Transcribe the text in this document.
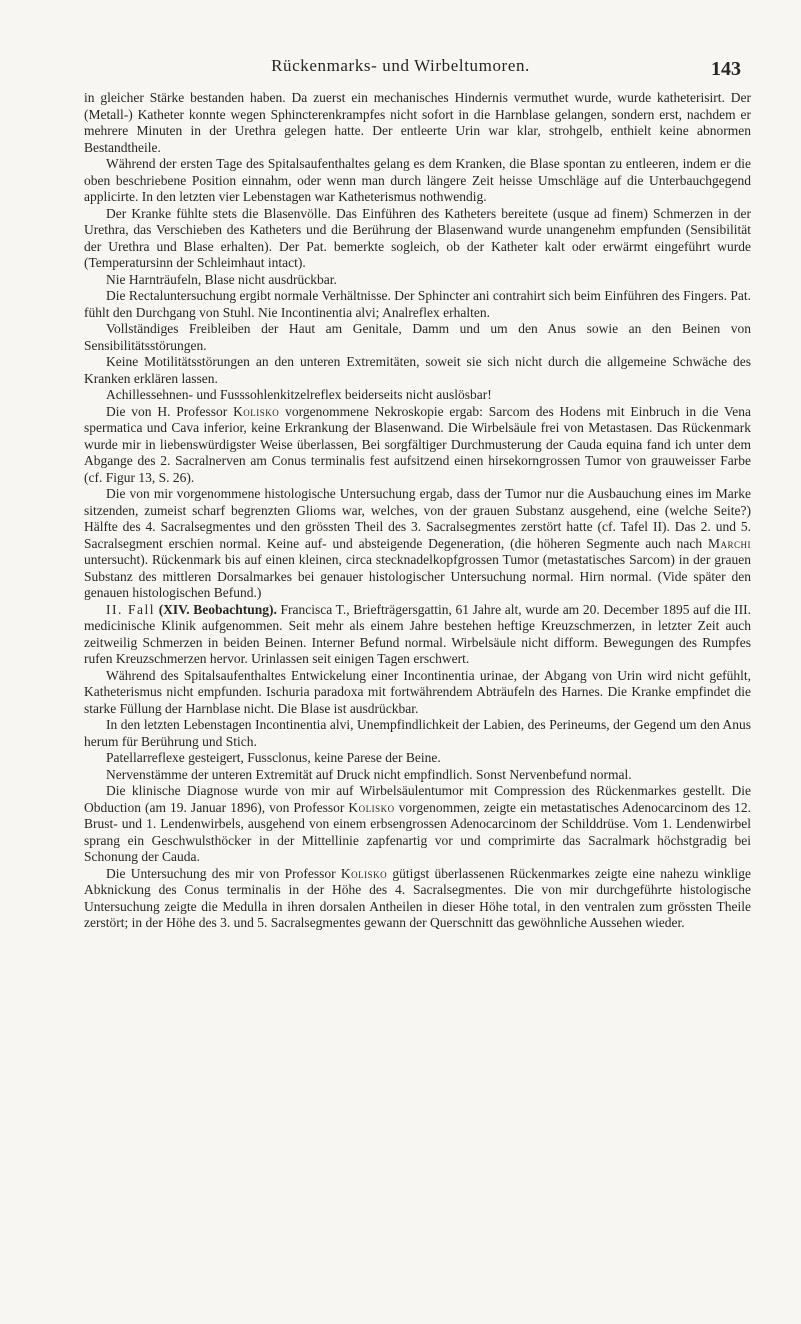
Rückenmarks- und Wirbeltumoren.	143

in gleicher Stärke bestanden haben. Da zuerst ein mechanisches Hindernis vermuthet wurde, wurde katheterisirt. Der (Metall-) Katheter konnte wegen Sphincterenkrampfes nicht sofort in die Harnblase gelangen, sondern erst, nachdem er mehrere Minuten in der Urethra gelegen hatte. Der entleerte Urin war klar, strohgelb, enthielt keine abnormen Bestandtheile.

Während der ersten Tage des Spitalsaufenthaltes gelang es dem Kranken, die Blase spontan zu entleeren, indem er die oben beschriebene Position einnahm, oder wenn man durch längere Zeit heisse Umschläge auf die Unterbauchgegend applicirte. In den letzten vier Lebenstagen war Katheterismus nothwendig.

Der Kranke fühlte stets die Blasenvölle. Das Einführen des Katheters bereitete (usque ad finem) Schmerzen in der Urethra, das Verschieben des Katheters und die Berührung der Blasenwand wurde unangenehm empfunden (Sensibilität der Urethra und Blase erhalten). Der Pat. bemerkte sogleich, ob der Katheter kalt oder erwärmt eingeführt wurde (Temperatursinn der Schleimhaut intact).

Nie Harnträufeln, Blase nicht ausdrückbar.

Die Rectaluntersuchung ergibt normale Verhältnisse. Der Sphincter ani contrahirt sich beim Einführen des Fingers. Pat. fühlt den Durchgang von Stuhl. Nie Incontinentia alvi; Analreflex erhalten.

Vollständiges Freibleiben der Haut am Genitale, Damm und um den Anus sowie an den Beinen von Sensibilitätsstörungen.

Keine Motilitätsstörungen an den unteren Extremitäten, soweit sie sich nicht durch die allgemeine Schwäche des Kranken erklären lassen.

Achillessehnen- und Fusssohlenkitzelreflex beiderseits nicht auslösbar!

Die von H. Professor Kolisko vorgenommene Nekroskopie ergab: Sarcom des Hodens mit Einbruch in die Vena spermatica und Cava inferior, keine Erkrankung der Blasenwand. Die Wirbelsäule frei von Metastasen. Das Rückenmark wurde mir in liebenswürdigster Weise überlassen, Bei sorgfältiger Durchmusterung der Cauda equina fand ich unter dem Abgange des 2. Sacralnerven am Conus terminalis fest aufsitzend einen hirsekorngrossen Tumor von grauweisser Farbe (cf. Figur 13, S. 26).

Die von mir vorgenommene histologische Untersuchung ergab, dass der Tumor nur die Ausbauchung eines im Marke sitzenden, zumeist scharf begrenzten Glioms war, welches, von der grauen Substanz ausgehend, eine (welche Seite?) Hälfte des 4. Sacralsegmentes und den grössten Theil des 3. Sacralsegmentes zerstört hatte (cf. Tafel II). Das 2. und 5. Sacralsegment erschien normal. Keine auf- und absteigende Degeneration, (die höheren Segmente auch nach Marchi untersucht). Rückenmark bis auf einen kleinen, circa stecknadelkopfgrossen Tumor (metastatisches Sarcom) in der grauen Substanz des mittleren Dorsalmarkes bei genauer histologischer Untersuchung normal. Hirn normal. (Vide später den genauen histologischen Befund.)

II. Fall (XIV. Beobachtung). Francisca T., Briefträgersgattin, 61 Jahre alt, wurde am 20. December 1895 auf die III. medicinische Klinik aufgenommen. Seit mehr als einem Jahre bestehen heftige Kreuzschmerzen, in letzter Zeit auch zeitweilig Schmerzen in beiden Beinen. Interner Befund normal. Wirbelsäule nicht difform. Bewegungen des Rumpfes rufen Kreuzschmerzen hervor. Urinlassen seit einigen Tagen erschwert.

Während des Spitalsaufenthaltes Entwickelung einer Incontinentia urinae, der Abgang von Urin wird nicht gefühlt, Katheterismus nicht empfunden. Ischuria paradoxa mit fortwährendem Abträufeln des Harnes. Die Kranke empfindet die starke Füllung der Harnblase nicht. Die Blase ist ausdrückbar.

In den letzten Lebenstagen Incontinentia alvi, Unempfindlichkeit der Labien, des Perineums, der Gegend um den Anus herum für Berührung und Stich.

Patellarreflexe gesteigert, Fussclonus, keine Parese der Beine.

Nervenstämme der unteren Extremität auf Druck nicht empfindlich. Sonst Nervenbefund normal.

Die klinische Diagnose wurde von mir auf Wirbelsäulentumor mit Compression des Rückenmarkes gestellt. Die Obduction (am 19. Januar 1896), von Professor Kolisko vorgenommen, zeigte ein metastatisches Adenocarcinom des 12. Brust- und 1. Lendenwirbels, ausgehend von einem erbsengrossen Adenocarcinom der Schilddrüse. Vom 1. Lendenwirbel sprang ein Geschwulsthöcker in der Mittellinie zapfenartig vor und comprimirte das Sacralmark höchstgradig bei Schonung der Cauda.

Die Untersuchung des mir von Professor Kolisko gütigst überlassenen Rückenmarkes zeigte eine nahezu winklige Abknickung des Conus terminalis in der Höhe des 4. Sacralsegmentes. Die von mir durchgeführte histologische Untersuchung zeigte die Medulla in ihren dorsalen Antheilen in dieser Höhe total, in den ventralen zum grössten Theile zerstört; in der Höhe des 3. und 5. Sacralsegmentes gewann der Querschnitt das gewöhnliche Aussehen wieder.
